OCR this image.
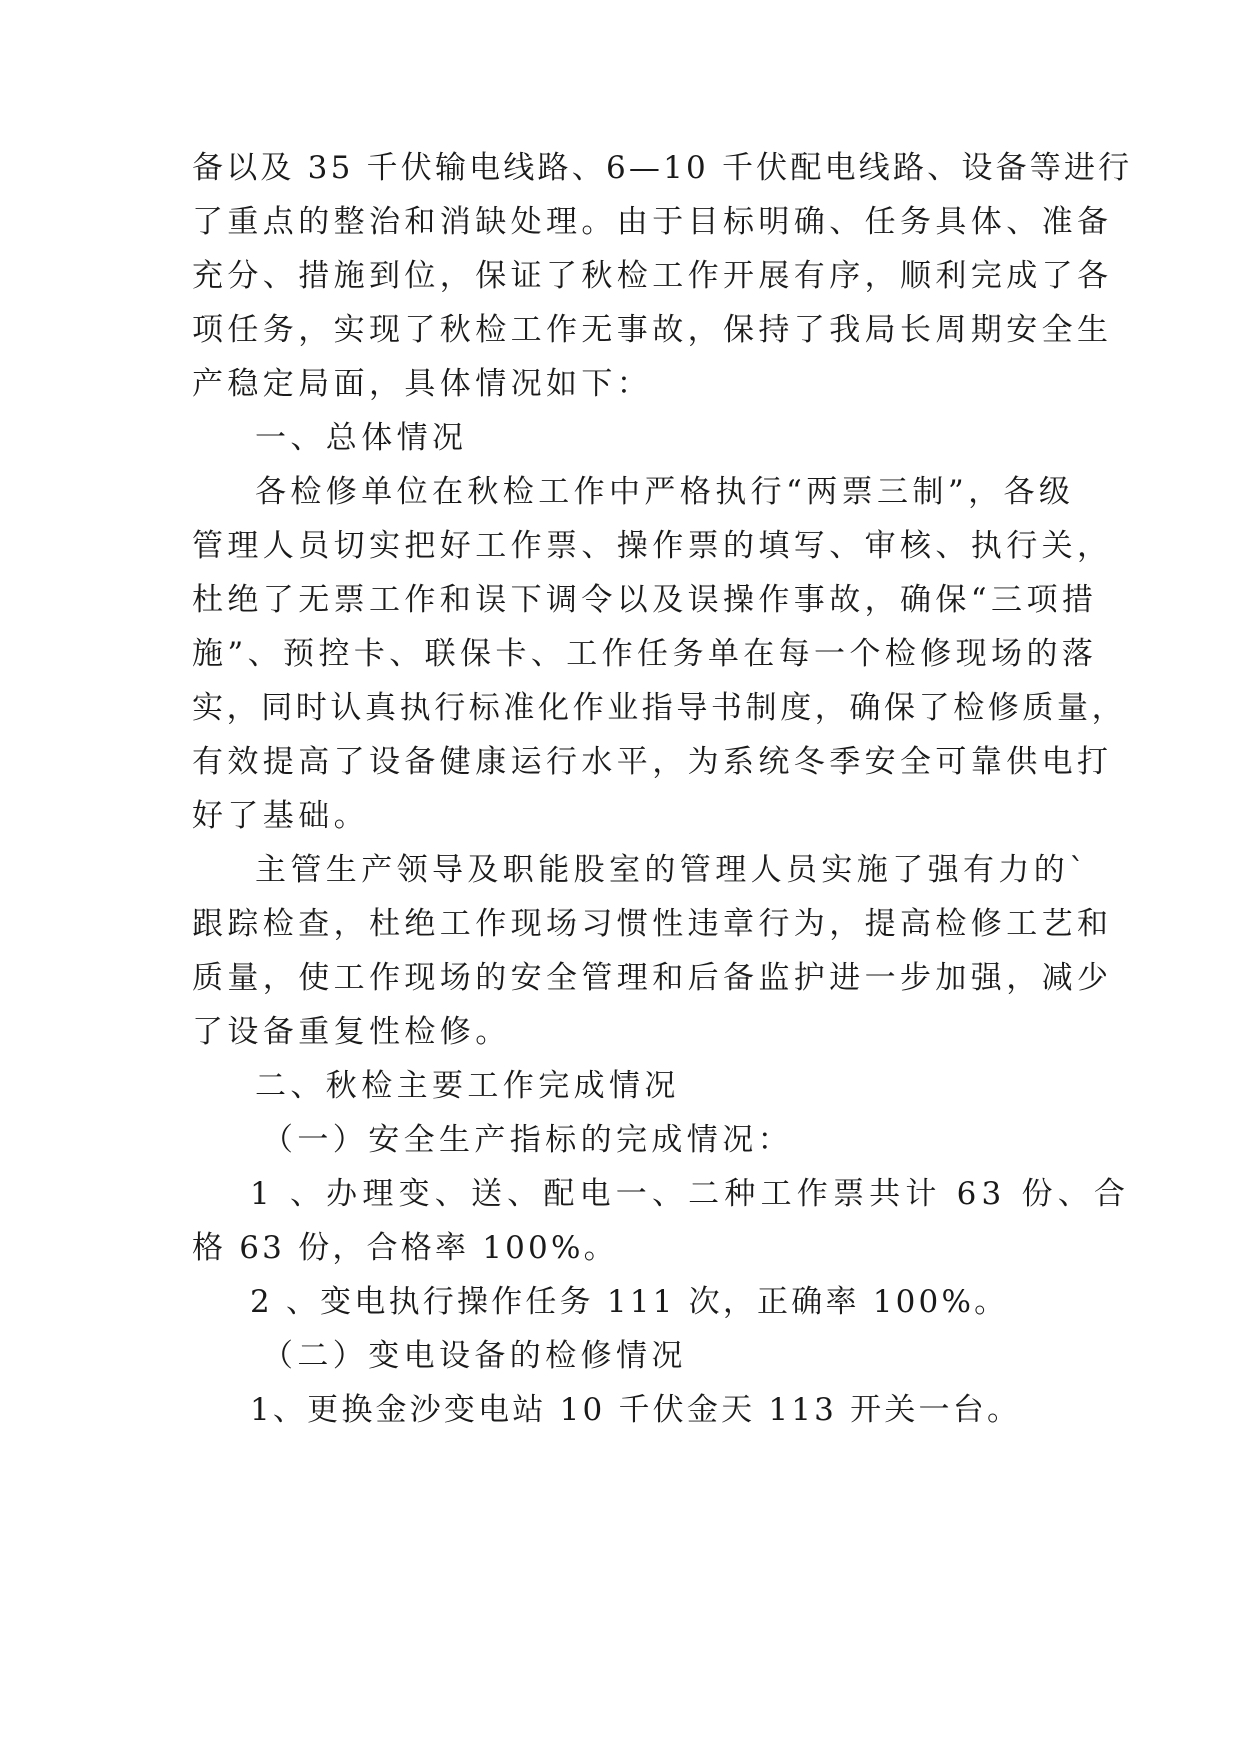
备以及 35 千伏输电线路、6—10 千伏配电线路、设备等进行
了重点的整治和消缺处理。由于目标明确、任务具体、准备
充分、措施到位，保证了秋检工作开展有序，顺利完成了各
项任务，实现了秋检工作无事故，保持了我局长周期安全生
产稳定局面，具体情况如下：
一、总体情况
各检修单位在秋检工作中严格执行“两票三制”，各级
管理人员切实把好工作票、操作票的填写、审核、执行关，
杜绝了无票工作和误下调令以及误操作事故，确保“三项措
施”、预控卡、联保卡、工作任务单在每一个检修现场的落
实，同时认真执行标准化作业指导书制度，确保了检修质量，
有效提高了设备健康运行水平，为系统冬季安全可靠供电打
好了基础。
主管生产领导及职能股室的管理人员实施了强有力的`
跟踪检查，杜绝工作现场习惯性违章行为，提高检修工艺和
质量，使工作现场的安全管理和后备监护进一步加强，减少
了设备重复性检修。
二、秋检主要工作完成情况
（一）安全生产指标的完成情况：
1 、办理变、送、配电一、二种工作票共计 63 份、合
格 63 份，合格率 100%。
2 、变电执行操作任务 111 次，正确率 100%。
（二）变电设备的检修情况
1、更换金沙变电站 10 千伏金天 113 开关一台。
